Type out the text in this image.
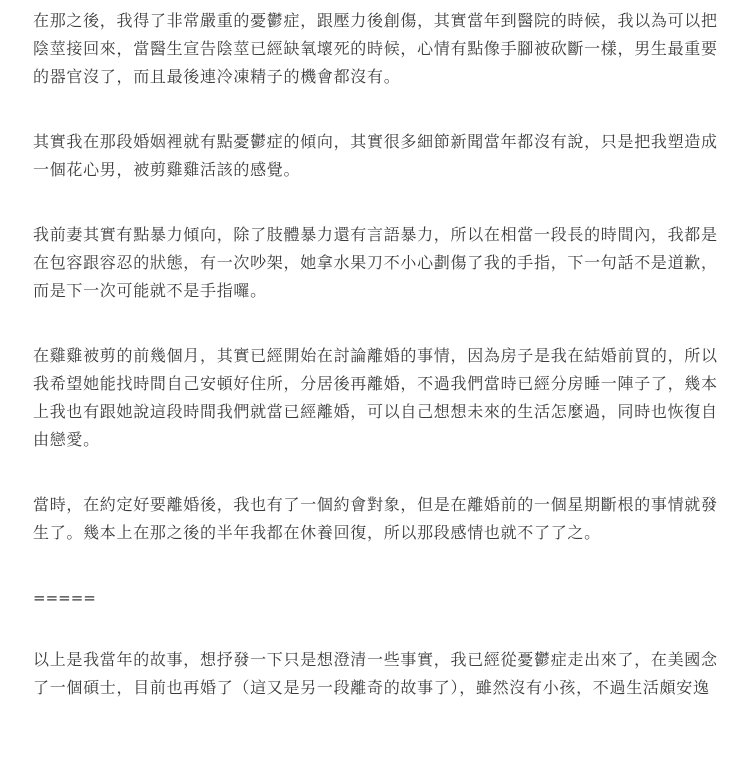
在那之後，我得了非常嚴重的憂鬱症，跟壓力後創傷，其實當年到醫院的時候，我以為可以把陰莖接回來，當醫生宣告陰莖已經缺氧壞死的時候，心情有點像手腳被砍斷一樣，男生最重要的器官沒了，而且最後連冷凍精子的機會都沒有。

其實我在那段婚姻裡就有點憂鬱症的傾向，其實很多細節新聞當年都沒有說，只是把我塑造成一個花心男，被剪雞雞活該的感覺。

我前妻其實有點暴力傾向，除了肢體暴力還有言語暴力，所以在相當一段長的時間內，我都是在包容跟容忍的狀態，有一次吵架，她拿水果刀不小心劃傷了我的手指，下一句話不是道歉，而是下一次可能就不是手指囉。

在雞雞被剪的前幾個月，其實已經開始在討論離婚的事情，因為房子是我在結婚前買的，所以我希望她能找時間自己安頓好住所，分居後再離婚，不過我們當時已經分房睡一陣子了，幾本上我也有跟她說這段時間我們就當已經離婚，可以自己想想未來的生活怎麼過，同時也恢復自由戀愛。

當時，在約定好要離婚後，我也有了一個約會對象，但是在離婚前的一個星期斷根的事情就發生了。幾本上在那之後的半年我都在休養回復，所以那段感情也就不了了之。

=====

以上是我當年的故事，想抒發一下只是想澄清一些事實，我已經從憂鬱症走出來了，在美國念了一個碩士，目前也再婚了（這又是另一段離奇的故事了），雖然沒有小孩，不過生活頗安逸
